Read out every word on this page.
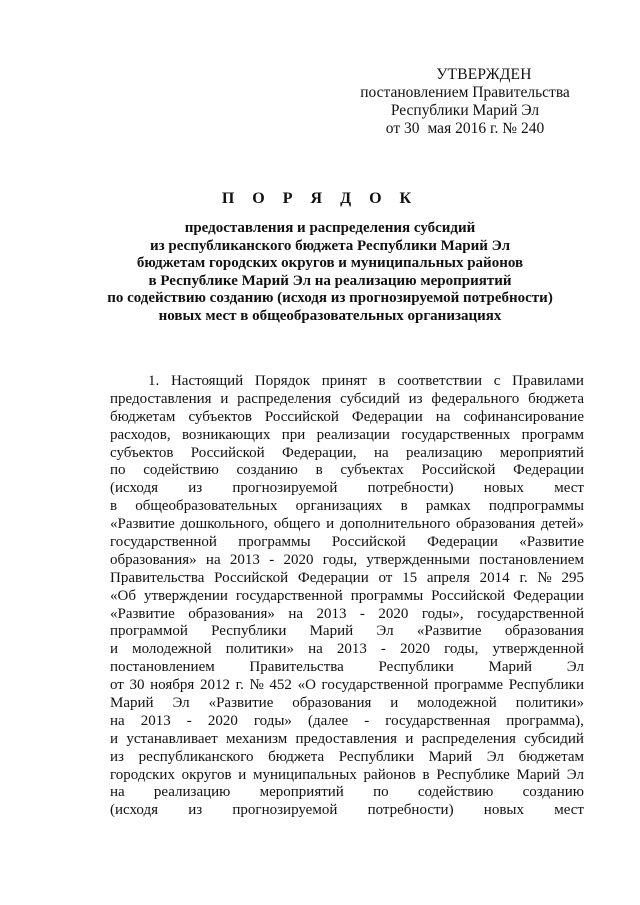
УТВЕРЖДЕН
постановлением Правительства
Республики Марий Эл
от 30 мая 2016 г. № 240
П О Р Я Д О К
предоставления и распределения субсидий
из республиканского бюджета Республики Марий Эл
бюджетам городских округов и муниципальных районов
в Республике Марий Эл на реализацию мероприятий
по содействию созданию (исходя из прогнозируемой потребности)
новых мест в общеобразовательных организациях
1. Настоящий Порядок принят в соответствии с Правилами
предоставления и распределения субсидий из федерального бюджета
бюджетам субъектов Российской Федерации на софинансирование
расходов, возникающих при реализации государственных программ
субъектов Российской Федерации, на реализацию мероприятий
по содействию созданию в субъектах Российской Федерации
(исходя из прогнозируемой потребности) новых мест
в общеобразовательных организациях в рамках подпрограммы
«Развитие дошкольного, общего и дополнительного образования детей»
государственной программы Российской Федерации «Развитие
образования» на 2013 - 2020 годы, утвержденными постановлением
Правительства Российской Федерации от 15 апреля 2014 г. № 295
«Об утверждении государственной программы Российской Федерации
«Развитие образования» на 2013 - 2020 годы», государственной
программой Республики Марий Эл «Развитие образования
и молодежной политики» на 2013 - 2020 годы, утвержденной
постановлением Правительства Республики Марий Эл
от 30 ноября 2012 г. № 452 «О государственной программе Республики
Марий Эл «Развитие образования и молодежной политики»
на 2013 - 2020 годы» (далее - государственная программа),
и устанавливает механизм предоставления и распределения субсидий
из республиканского бюджета Республики Марий Эл бюджетам
городских округов и муниципальных районов в Республике Марий Эл
на реализацию мероприятий по содействию созданию
(исходя из прогнозируемой потребности) новых мест
